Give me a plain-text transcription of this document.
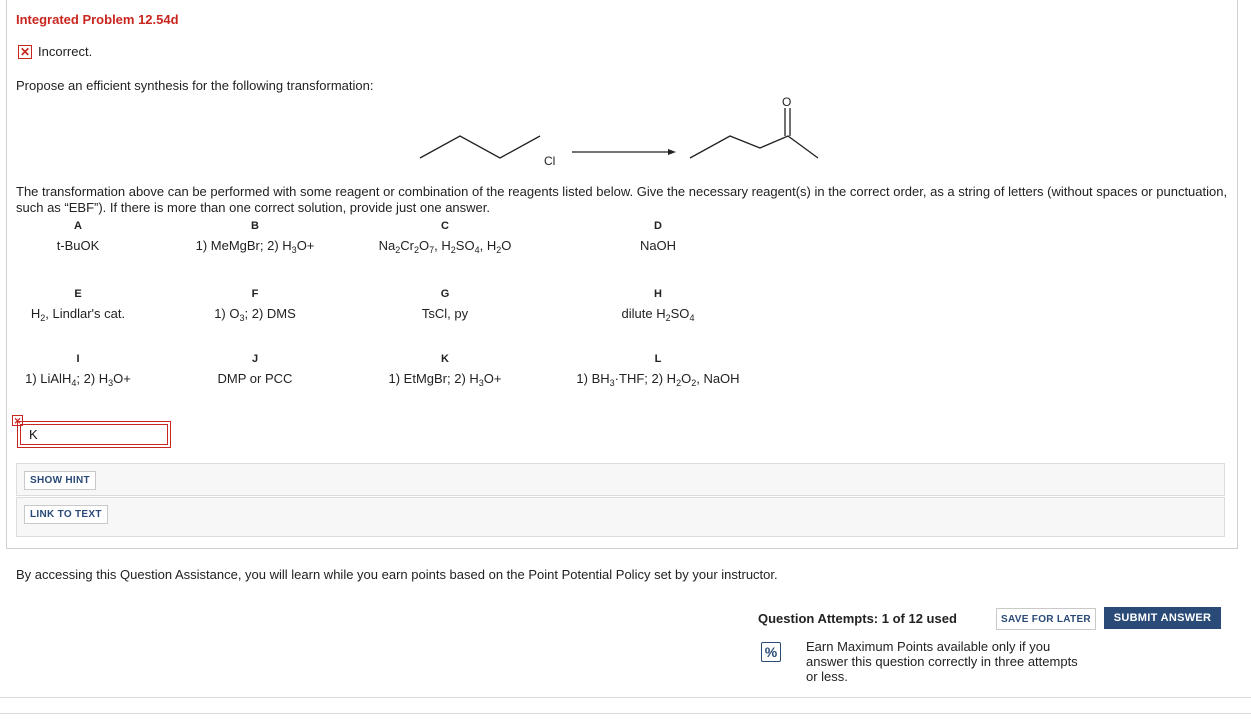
Integrated Problem 12.54d
✕ Incorrect.
Propose an efficient synthesis for the following transformation:
Cl
O
The transformation above can be performed with some reagent or combination of the reagents listed below. Give the necessary reagent(s) in the correct order, as a string of letters (without spaces or punctuation, such as “EBF”). If there is more than one correct solution, provide just one answer.
A
t-BuOK
B
1) MeMgBr; 2) $H_3O+$
C
$Na_2Cr_2O_7$, $H_2SO_4$, $H_2O$
D
NaOH
E
$H_2$, Lindlar's cat.
F
1) $O_3$; 2) DMS
G
TsCl, py
H
dilute $H_2SO_4$
I
1) LiAlH$_4$; 2) $H_3O+$
J
DMP or PCC
K
1) EtMgBr; 2) $H_3O+$
L
1) $BH_3\cdot THF$; 2) $H_2O_2$, NaOH
✕
K
SHOW HINT
LINK TO TEXT
By accessing this Question Assistance, you will learn while you earn points based on the Point Potential Policy set by your instructor.
Question Attempts: 1 of 12 used	SAVE FOR LATER	SUBMIT ANSWER
% Earn Maximum Points available only if you answer this question correctly in three attempts or less.
